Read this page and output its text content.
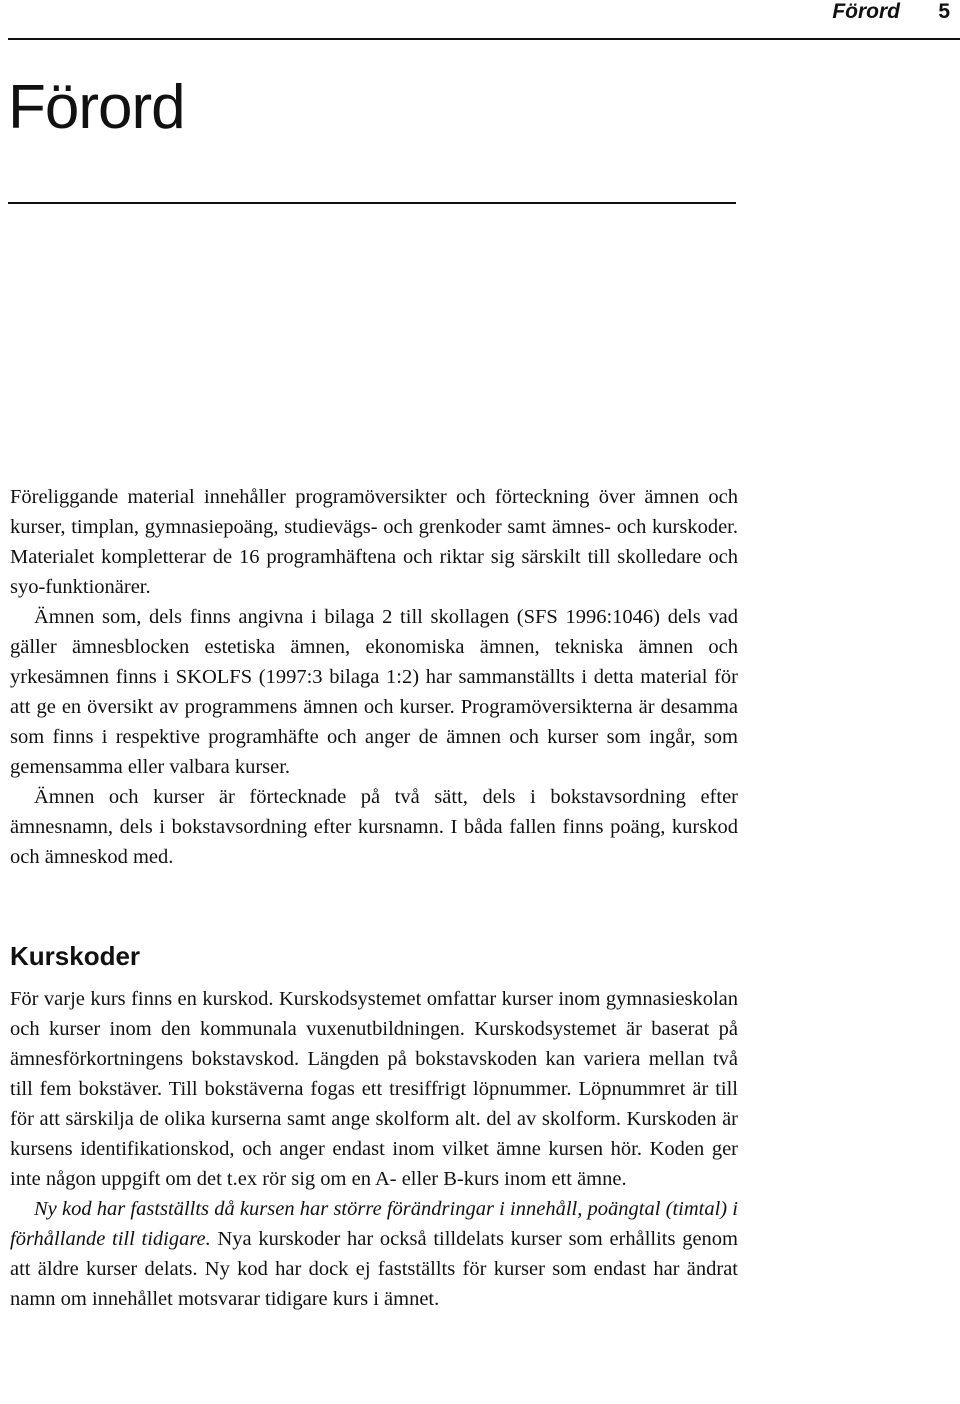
Förord 5
Förord

Föreliggande material innehåller programöversikter och förteckning över ämnen och kurser, timplan, gymnasiepoäng, studievägs- och grenkoder samt ämnes- och kurskoder. Materialet kompletterar de 16 programhäftena och riktar sig särskilt till skolledare och syo-funktionärer.

Ämnen som, dels finns angivna i bilaga 2 till skollagen (SFS 1996:1046) dels vad gäller ämnesblocken estetiska ämnen, ekonomiska ämnen, tekniska ämnen och yrkesämnen finns i SKOLFS (1997:3 bilaga 1:2) har sammanställts i detta material för att ge en översikt av programmens ämnen och kurser. Programöversikterna är desamma som finns i respektive programhäfte och anger de ämnen och kurser som ingår, som gemensamma eller valbara kurser.

Ämnen och kurser är förtecknade på två sätt, dels i bokstavsordning efter ämnesnamn, dels i bokstavsordning efter kursnamn. I båda fallen finns poäng, kurskod och ämneskod med.

Kurskoder

För varje kurs finns en kurskod. Kurskodsystemet omfattar kurser inom gymnasieskolan och kurser inom den kommunala vuxenutbildningen. Kurskodsystemet är baserat på ämnesförkortningens bokstavskod. Längden på bokstavskoden kan variera mellan två till fem bokstäver. Till bokstäverna fogas ett tresiffrigt löpnummer. Löpnummret är till för att särskilja de olika kurserna samt ange skolform alt. del av skolform. Kurskoden är kursens identifikationskod, och anger endast inom vilket ämne kursen hör. Koden ger inte någon uppgift om det t.ex rör sig om en A- eller B-kurs inom ett ämne.

Ny kod har fastställts då kursen har större förändringar i innehåll, poängtal (timtal) i förhållande till tidigare. Nya kurskoder har också tilldelats kurser som erhållits genom att äldre kurser delats. Ny kod har dock ej fastställts för kurser som endast har ändrat namn om innehållet motsvarar tidigare kurs i ämnet.
